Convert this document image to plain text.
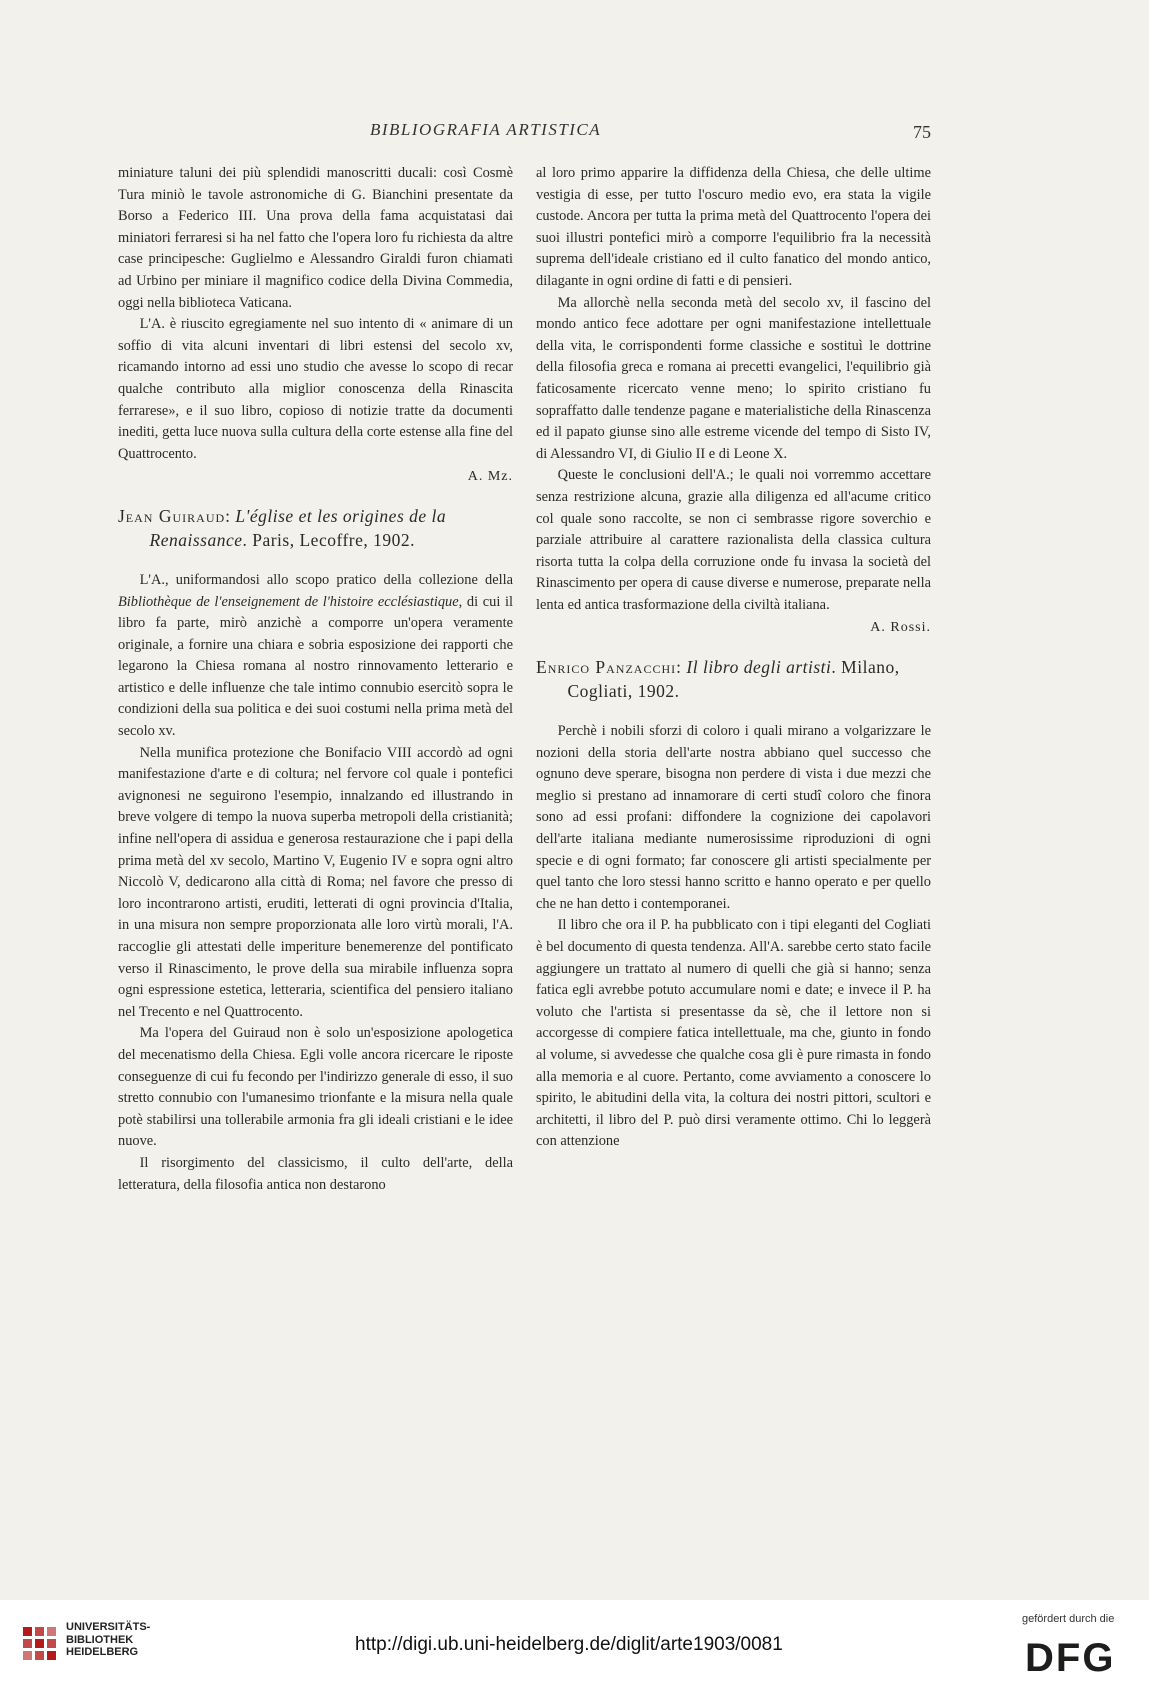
BIBLIOGRAFIA ARTISTICA	75

miniature taluni dei più splendidi manoscritti ducali: così Cosmè Tura miniò le tavole astronomiche di G. Bianchini presentate da Borso a Federico III. Una prova della fama acquistatasi dai miniatori ferraresi si ha nel fatto che l'opera loro fu richiesta da altre case principesche: Guglielmo e Alessandro Giraldi furon chiamati ad Urbino per miniare il magnifico codice della Divina Commedia, oggi nella biblioteca Vaticana.

L'A. è riuscito egregiamente nel suo intento di « animare di un soffio di vita alcuni inventari di libri estensi del secolo xv, ricamando intorno ad essi uno studio che avesse lo scopo di recar qualche contributo alla miglior conoscenza della Rinascita ferrarese», e il suo libro, copioso di notizie tratte da documenti inediti, getta luce nuova sulla cultura della corte estense alla fine del Quattrocento.

A. Mz.
Jean Guiraud: L'église et les origines de la Renaissance. Paris, Lecoffre, 1902.

L'A., uniformandosi allo scopo pratico della collezione della Bibliothèque de l'enseignement de l'histoire ecclésiastique, di cui il libro fa parte, mirò anzichè a comporre un'opera veramente originale, a fornire una chiara e sobria esposizione dei rapporti che legarono la Chiesa romana al nostro rinnovamento letterario e artistico e delle influenze che tale intimo connubio esercitò sopra le condizioni della sua politica e dei suoi costumi nella prima metà del secolo xv.

Nella munifica protezione che Bonifacio VIII accordò ad ogni manifestazione d'arte e di coltura; nel fervore col quale i pontefici avignonesi ne seguirono l'esempio, innalzando ed illustrando in breve volgere di tempo la nuova superba metropoli della cristianità; infine nell'opera di assidua e generosa restaurazione che i papi della prima metà del xv secolo, Martino V, Eugenio IV e sopra ogni altro Niccolò V, dedicarono alla città di Roma; nel favore che presso di loro incontrarono artisti, eruditi, letterati di ogni provincia d'Italia, in una misura non sempre proporzionata alle loro virtù morali, l'A. raccoglie gli attestati delle imperiture benemerenze del pontificato verso il Rinascimento, le prove della sua mirabile influenza sopra ogni espressione estetica, letteraria, scientifica del pensiero italiano nel Trecento e nel Quattrocento.

Ma l'opera del Guiraud non è solo un'esposizione apologetica del mecenatismo della Chiesa. Egli volle ancora ricercare le riposte conseguenze di cui fu fecondo per l'indirizzo generale di esso, il suo stretto connubio con l'umanesimo trionfante e la misura nella quale potè stabilirsi una tollerabile armonia fra gli ideali cristiani e le idee nuove.

Il risorgimento del classicismo, il culto dell'arte, della letteratura, della filosofia antica non destarono

al loro primo apparire la diffidenza della Chiesa, che delle ultime vestigia di esse, per tutto l'oscuro medio evo, era stata la vigile custode. Ancora per tutta la prima metà del Quattrocento l'opera dei suoi illustri pontefici mirò a comporre l'equilibrio fra la necessità suprema dell'ideale cristiano ed il culto fanatico del mondo antico, dilagante in ogni ordine di fatti e di pensieri.

Ma allorchè nella seconda metà del secolo xv, il fascino del mondo antico fece adottare per ogni manifestazione intellettuale della vita, le corrispondenti forme classiche e sostituì le dottrine della filosofia greca e romana ai precetti evangelici, l'equilibrio già faticosamente ricercato venne meno; lo spirito cristiano fu sopraffatto dalle tendenze pagane e materialistiche della Rinascenza ed il papato giunse sino alle estreme vicende del tempo di Sisto IV, di Alessandro VI, di Giulio II e di Leone X.

Queste le conclusioni dell'A.; le quali noi vorremmo accettare senza restrizione alcuna, grazie alla diligenza ed all'acume critico col quale sono raccolte, se non ci sembrasse rigore soverchio e parziale attribuire al carattere razionalista della classica cultura risorta tutta la colpa della corruzione onde fu invasa la società del Rinascimento per opera di cause diverse e numerose, preparate nella lenta ed antica trasformazione della civiltà italiana.

A. Rossi.
Enrico Panzacchi: Il libro degli artisti. Milano, Cogliati, 1902.

Perchè i nobili sforzi di coloro i quali mirano a volgarizzare le nozioni della storia dell'arte nostra abbiano quel successo che ognuno deve sperare, bisogna non perdere di vista i due mezzi che meglio si prestano ad innamorare di certi studî coloro che finora sono ad essi profani: diffondere la cognizione dei capolavori dell'arte italiana mediante numerosissime riproduzioni di ogni specie e di ogni formato; far conoscere gli artisti specialmente per quel tanto che loro stessi hanno scritto e hanno operato e per quello che ne han detto i contemporanei.

Il libro che ora il P. ha pubblicato con i tipi eleganti del Cogliati è bel documento di questa tendenza. All'A. sarebbe certo stato facile aggiungere un trattato al numero di quelli che già si hanno; senza fatica egli avrebbe potuto accumulare nomi e date; e invece il P. ha voluto che l'artista si presentasse da sè, che il lettore non si accorgesse di compiere fatica intellettuale, ma che, giunto in fondo al volume, si avvedesse che qualche cosa gli è pure rimasta in fondo alla memoria e al cuore. Pertanto, come avviamento a conoscere lo spirito, le abitudini della vita, la coltura dei nostri pittori, scultori e architetti, il libro del P. può dirsi veramente ottimo. Chi lo leggerà con attenzione

UNIVERSITÄTS-
BIBLIOTHEK
HEIDELBERG	http://digi.ub.uni-heidelberg.de/diglit/arte1903/0081
gefördert durch die
DFG
